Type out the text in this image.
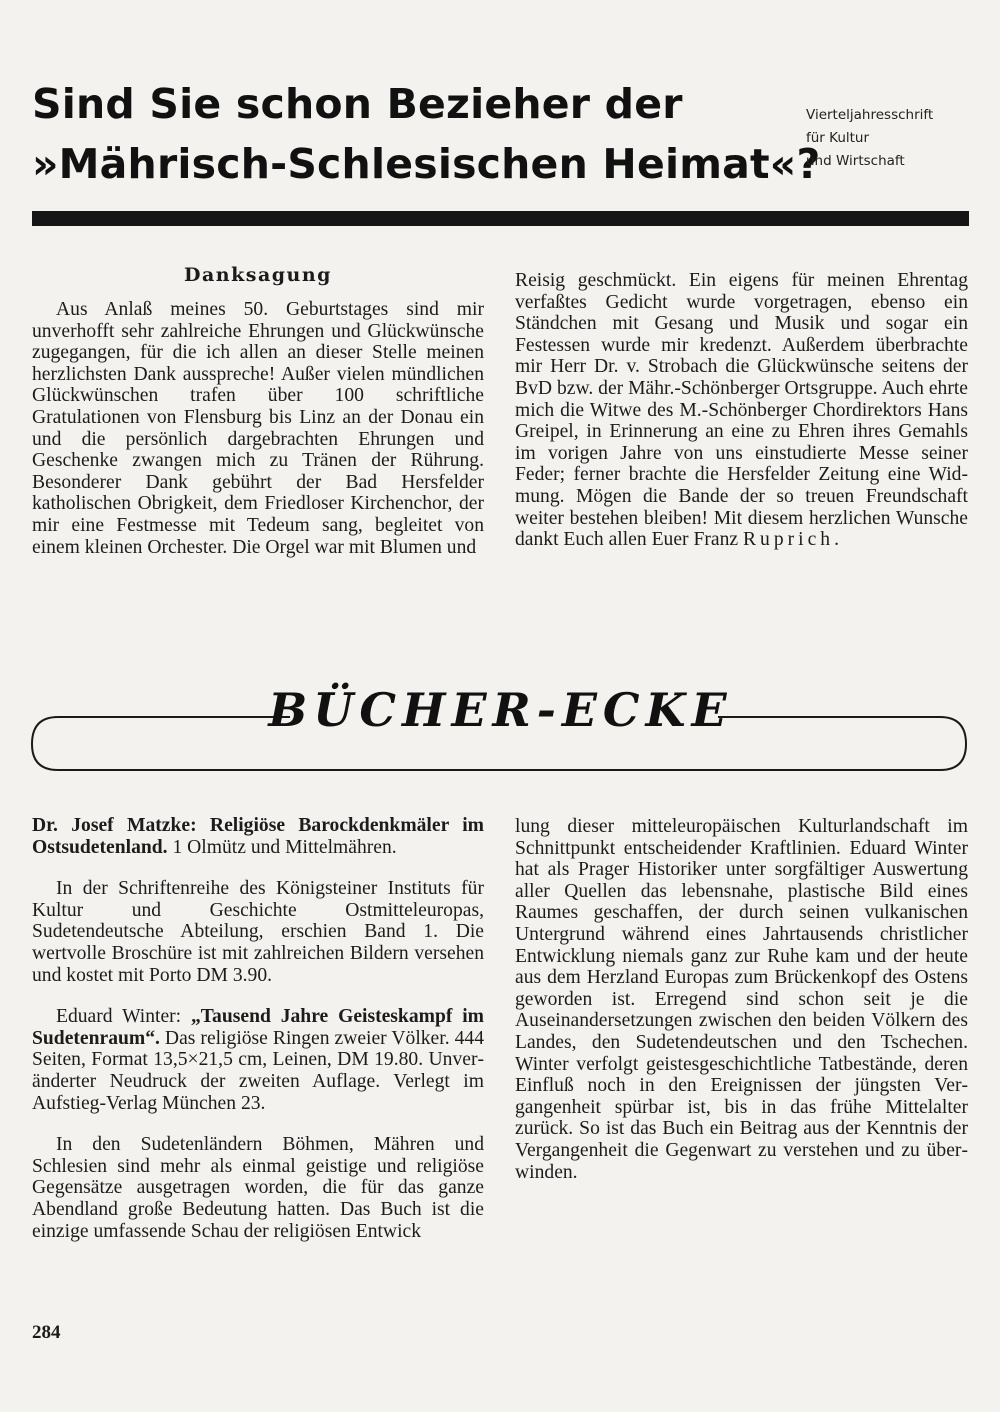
Sind Sie schon Bezieher der
»Mährisch-Schlesischen Heimat«?
Vierteljahresschrift
für Kultur
und Wirtschaft
Danksagung

Aus Anlaß meines 50. Geburtstages sind mir unverhofft sehr zahlreiche Ehrungen und Glückwünsche zugegangen, für die ich allen an dieser Stelle meinen herzlichsten Dank ausspreche! Außer vielen mündlichen Glückwünschen trafen über 100 schriftliche Gratulationen von Flensburg bis Linz an der Donau ein und die persönlich dargebrachten Ehrungen und Geschenke zwangen mich zu Tränen der Rührung. Besonderer Dank gebührt der Bad Hersfelder katholischen Obrigkeit, dem Friedloser Kirchenchor, der mir eine Festmesse mit Tedeum sang, begleitet von einem kleinen Orchester. Die Orgel war mit Blumen und

Reisig geschmückt. Ein eigens für meinen Ehrentag verfaßtes Gedicht wurde vorgetragen, ebenso ein Ständchen mit Gesang und Musik und sogar ein Festessen wurde mir kredenzt. Außerdem überbrachte mir Herr Dr. v. Strobach die Glückwünsche seitens der BvD bzw. der Mähr.-Schönberger Ortsgruppe. Auch ehrte mich die Witwe des M.-Schönberger Chordirektors Hans Greipel, in Erinnerung an eine zu Ehren ihres Gemahls im vorigen Jahre von uns einstudierte Messe seiner Feder; ferner brachte die Hersfelder Zeitung eine Widmung. Mögen die Bande der so treuen Freundschaft weiter bestehen bleiben! Mit diesem herzlichen Wunsche dankt Euch allen Euer Franz Ruprich.

BÜCHER-ECKE

Dr. Josef Matzke: Religiöse Barockdenkmäler im Ostsudetenland. 1 Olmütz und Mittelmähren.

In der Schriftenreihe des Königsteiner Instituts für Kultur und Geschichte Ostmitteleuropas, Sudetendeutsche Abteilung, erschien Band 1. Die wertvolle Broschüre ist mit zahlreichen Bildern versehen und kostet mit Porto DM 3.90.

Eduard Winter: „Tausend Jahre Geisteskampf im Sudetenraum“. Das religiöse Ringen zweier Völker. 444 Seiten, Format 13,5×21,5 cm, Leinen, DM 19.80. Unveränderter Neudruck der zweiten Auflage. Verlegt im Aufstieg-Verlag München 23.

In den Sudetenländern Böhmen, Mähren und Schlesien sind mehr als einmal geistige und religiöse Gegensätze ausgetragen worden, die für das ganze Abendland große Bedeutung hatten. Das Buch ist die einzige umfassende Schau der religiösen Entwick

lung dieser mitteleuropäischen Kulturlandschaft im Schnittpunkt entscheidender Kraftlinien. Eduard Winter hat als Prager Historiker unter sorgfältiger Auswertung aller Quellen das lebensnahe, plastische Bild eines Raumes geschaffen, der durch seinen vulkanischen Untergrund während eines Jahrtausends christlicher Entwicklung niemals ganz zur Ruhe kam und der heute aus dem Herzland Europas zum Brückenkopf des Ostens geworden ist. Erregend sind schon seit je die Auseinandersetzungen zwischen den beiden Völkern des Landes, den Sudetendeutschen und den Tschechen. Winter verfolgt geistesgeschichtliche Tatbestände, deren Einfluß noch in den Ereignissen der jüngsten Vergangenheit spürbar ist, bis in das frühe Mittelalter zurück. So ist das Buch ein Beitrag aus der Kenntnis der Vergangenheit die Gegenwart zu verstehen und zu überwinden.

284
